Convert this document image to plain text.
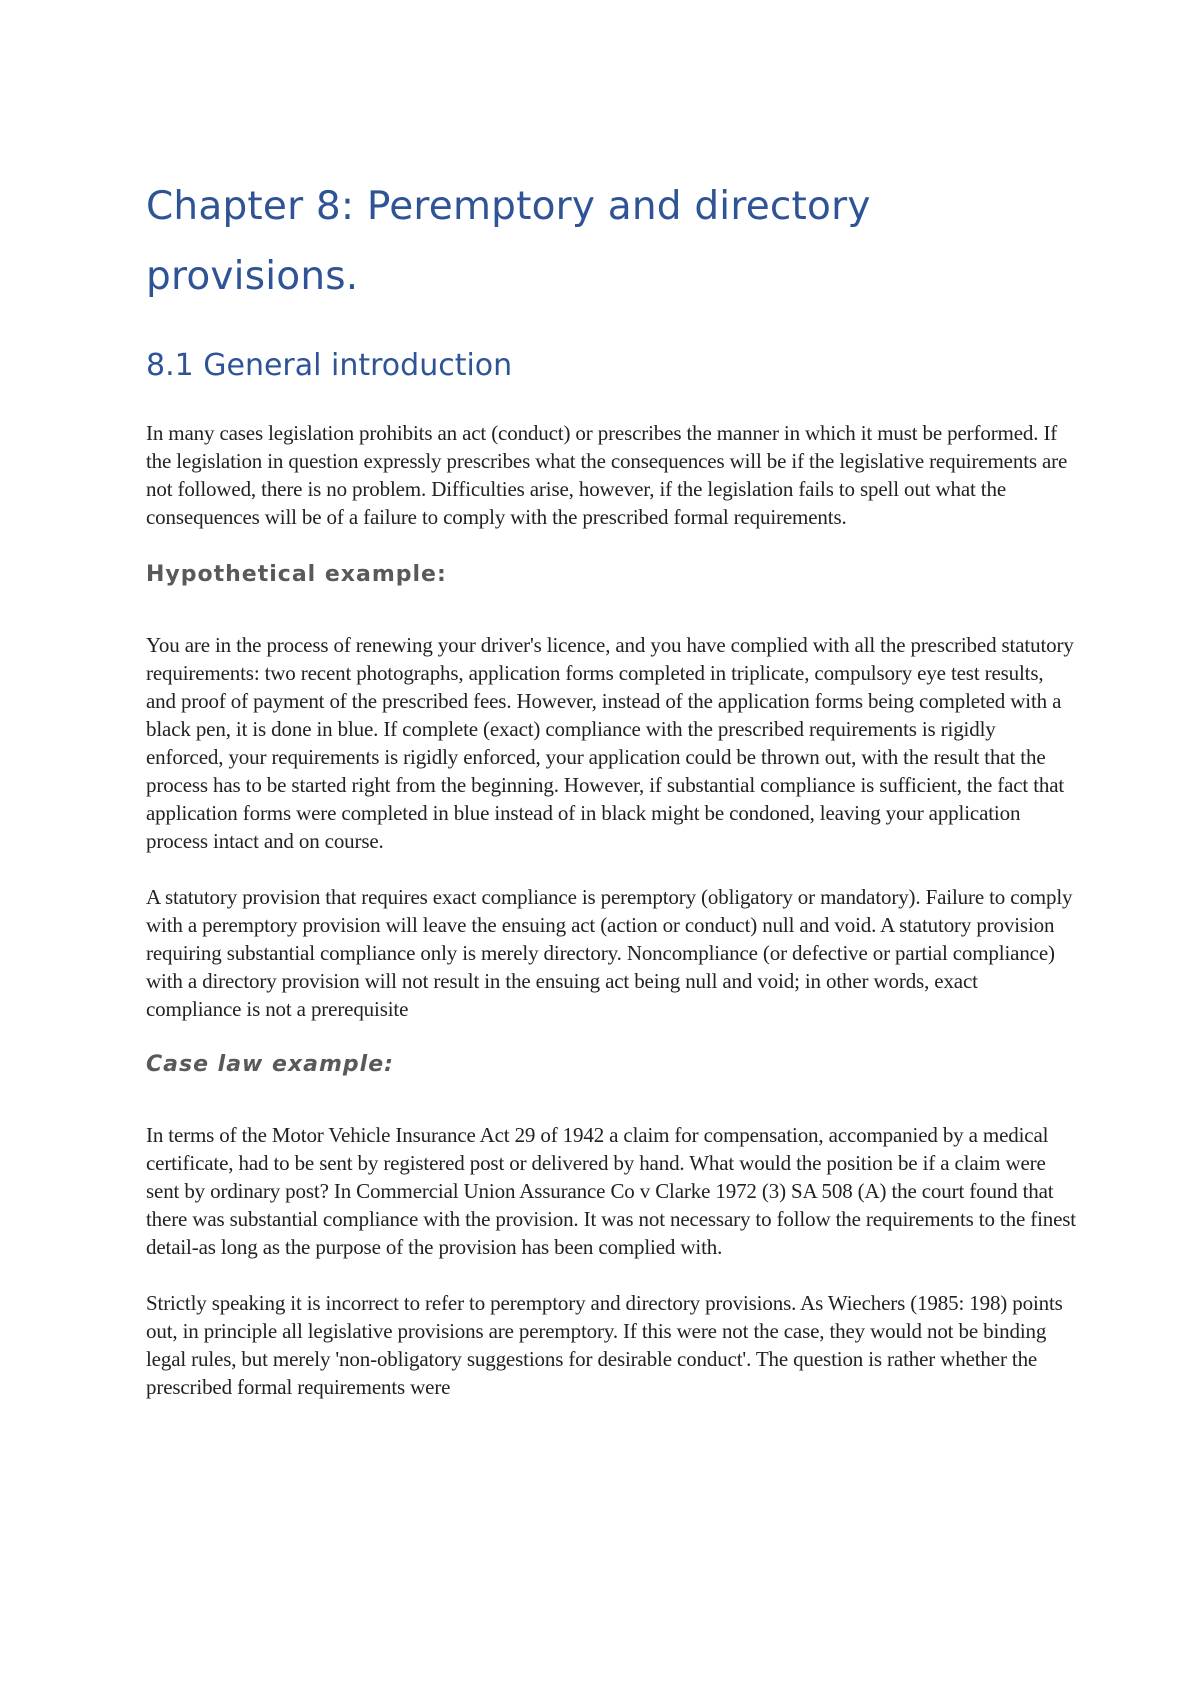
Chapter 8: Peremptory and directory provisions.
8.1 General introduction

In many cases legislation prohibits an act (conduct) or prescribes the manner in which it must be performed. If the legislation in question expressly prescribes what the consequences will be if the legislative requirements are not followed, there is no problem. Difficulties arise, however, if the legislation fails to spell out what the consequences will be of a failure to comply with the prescribed formal requirements.

Hypothetical example:

You are in the process of renewing your driver's licence, and you have complied with all the prescribed statutory requirements: two recent photographs, application forms completed in triplicate, compulsory eye test results, and proof of payment of the prescribed fees. However, instead of the application forms being completed with a black pen, it is done in blue. If complete (exact) compliance with the prescribed requirements is rigidly enforced, your requirements is rigidly enforced, your application could be thrown out, with the result that the process has to be started right from the beginning. However, if substantial compliance is sufficient, the fact that application forms were completed in blue instead of in black might be condoned, leaving your application process intact and on course.

A statutory provision that requires exact compliance is peremptory (obligatory or mandatory). Failure to comply with a peremptory provision will leave the ensuing act (action or conduct) null and void. A statutory provision requiring substantial compliance only is merely directory. Noncompliance (or defective or partial compliance) with a directory provision will not result in the ensuing act being null and void; in other words, exact compliance is not a prerequisite

Case law example:

In terms of the Motor Vehicle Insurance Act 29 of 1942 a claim for compensation, accompanied by a medical certificate, had to be sent by registered post or delivered by hand. What would the position be if a claim were sent by ordinary post? In Commercial Union Assurance Co v Clarke 1972 (3) SA 508 (A) the court found that there was substantial compliance with the provision. It was not necessary to follow the requirements to the finest detail-as long as the purpose of the provision has been complied with.

Strictly speaking it is incorrect to refer to peremptory and directory provisions. As Wiechers (1985: 198) points out, in principle all legislative provisions are peremptory. If this were not the case, they would not be binding legal rules, but merely 'non-obligatory suggestions for desirable conduct'. The question is rather whether the prescribed formal requirements were
